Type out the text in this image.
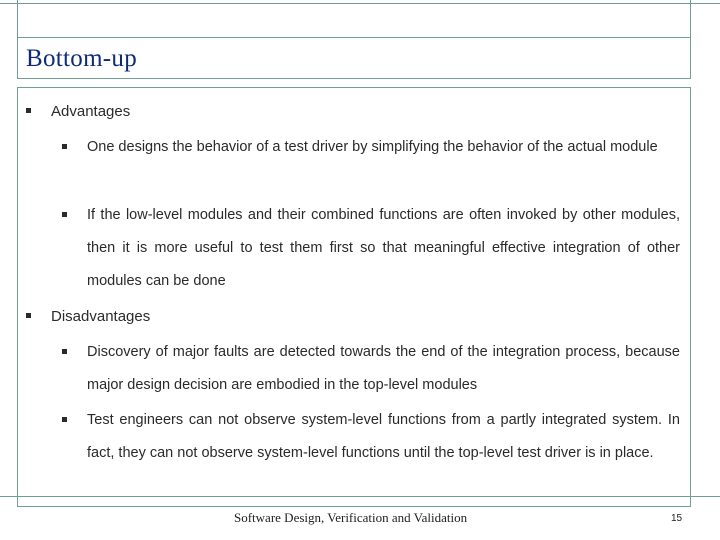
Bottom-up
Advantages
One designs the behavior of a test driver by simplifying the behavior of the actual module
If the low-level modules and their combined functions are often invoked by other modules, then it is more useful to test them first so that meaningful effective integration of other modules can be done
Disadvantages
Discovery of major faults are detected towards the end of the integration process, because major design decision are embodied in the top-level modules
Test engineers can not observe system-level functions from a partly integrated system. In fact, they can not observe system-level functions until the top-level test driver is in place.
Software Design, Verification and Validation	15
